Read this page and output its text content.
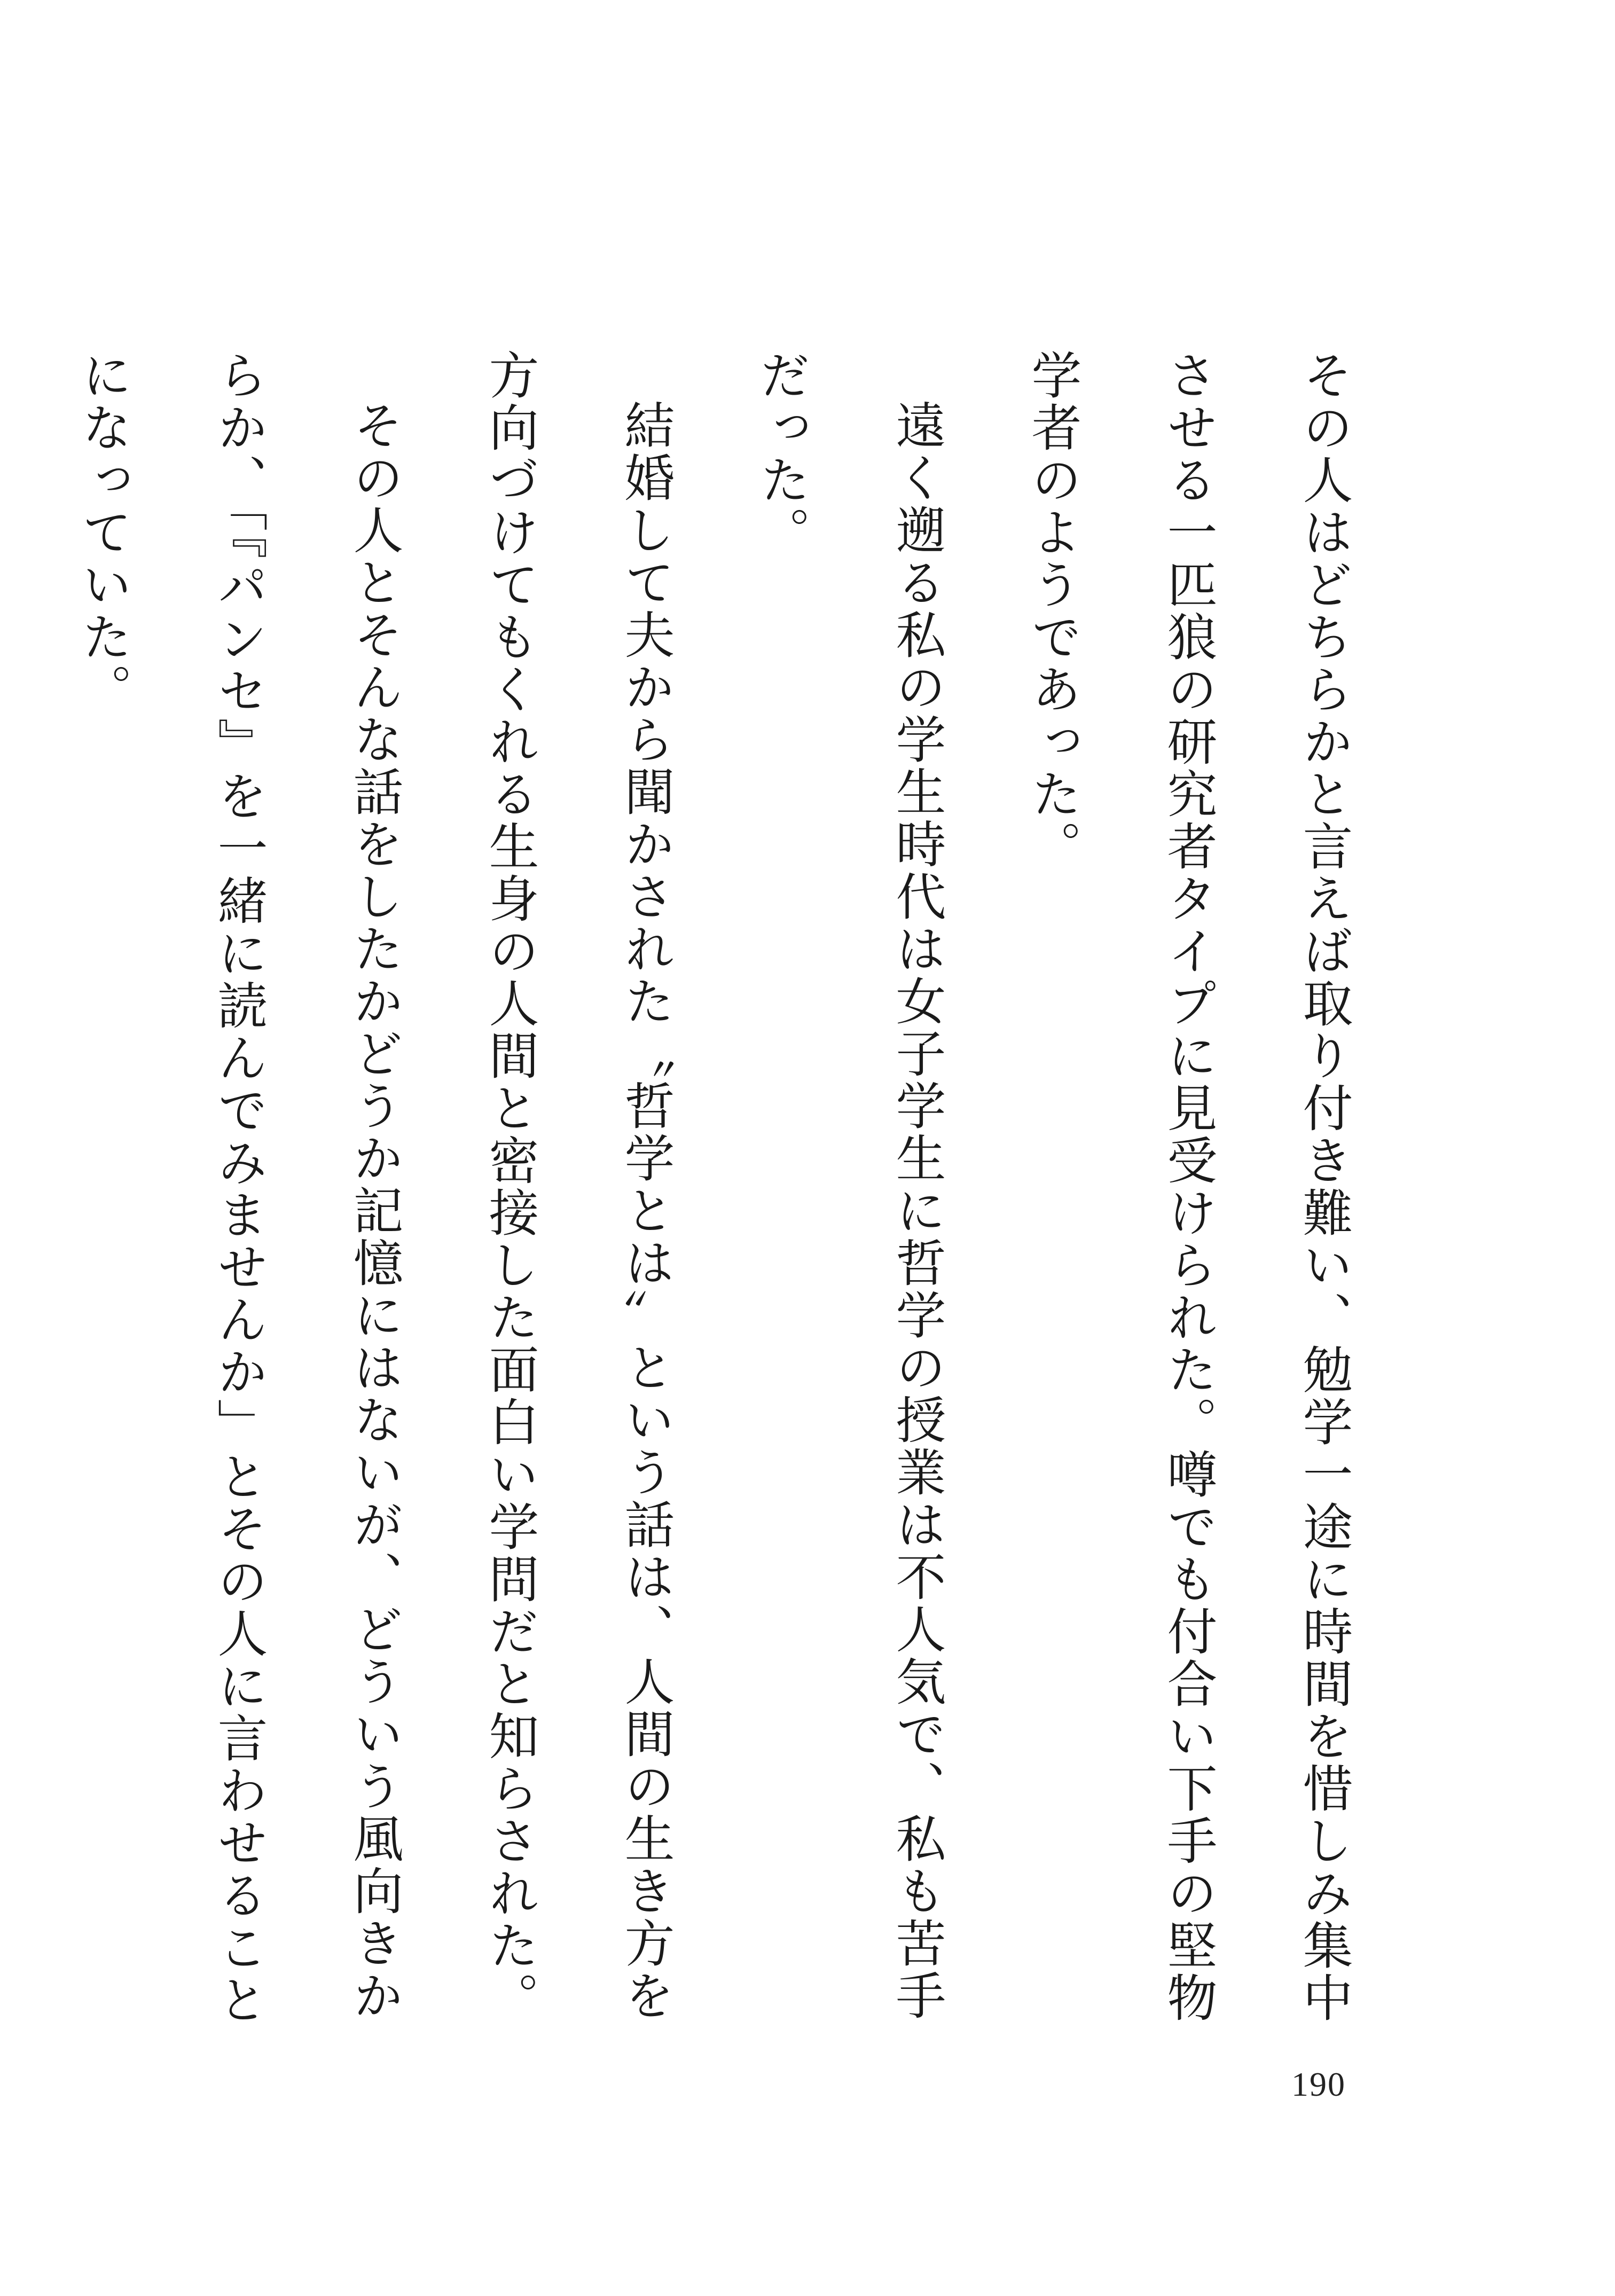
その人はどちらかと言えば取り付き難い、勉学一途に時間を惜しみ集中させる一匹狼の研究者タイプに見受けられた。噂でも付合い下手の堅物学者のようであった。

遠く遡る私の学生時代は女子学生に哲学の授業は不人気で、私も苦手だった。

結婚して夫から聞かされた〝哲学とは〟という話は、人間の生き方を方向づけてもくれる生身の人間と密接した面白い学問だと知らされた。

その人とそんな話をしたかどうか記憶にはないが、どういう風向きからか、「『パンセ』を一緒に読んでみませんか」とその人に言わせることになっていた。

190
